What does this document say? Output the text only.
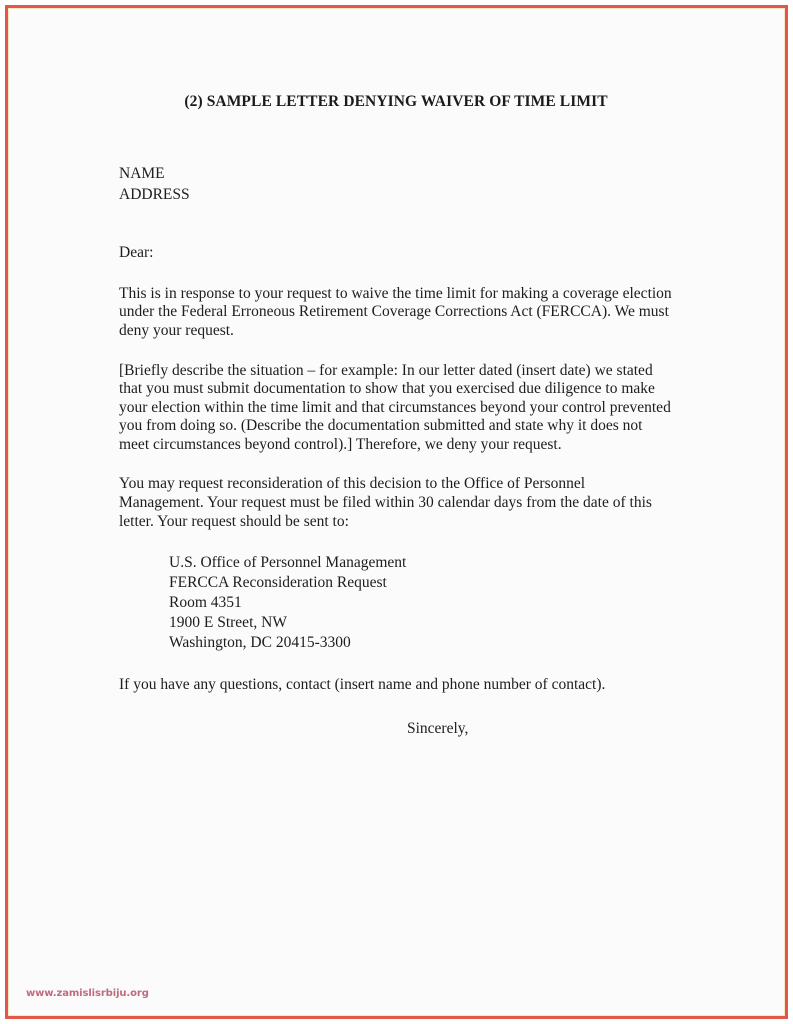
(2) SAMPLE LETTER DENYING WAIVER OF TIME LIMIT
NAME
ADDRESS
Dear:

This is in response to your request to waive the time limit for making a coverage election under the Federal Erroneous Retirement Coverage Corrections Act (FERCCA). We must deny your request.

[Briefly describe the situation – for example: In our letter dated (insert date) we stated that you must submit documentation to show that you exercised due diligence to make your election within the time limit and that circumstances beyond your control prevented you from doing so. (Describe the documentation submitted and state why it does not meet circumstances beyond control).] Therefore, we deny your request.

You may request reconsideration of this decision to the Office of Personnel Management. Your request must be filed within 30 calendar days from the date of this letter. Your request should be sent to:

U.S. Office of Personnel Management
FERCCA Reconsideration Request
Room 4351
1900 E Street, NW
Washington, DC 20415-3300

If you have any questions, contact (insert name and phone number of contact).

Sincerely,
www.zamislisrbiju.org
